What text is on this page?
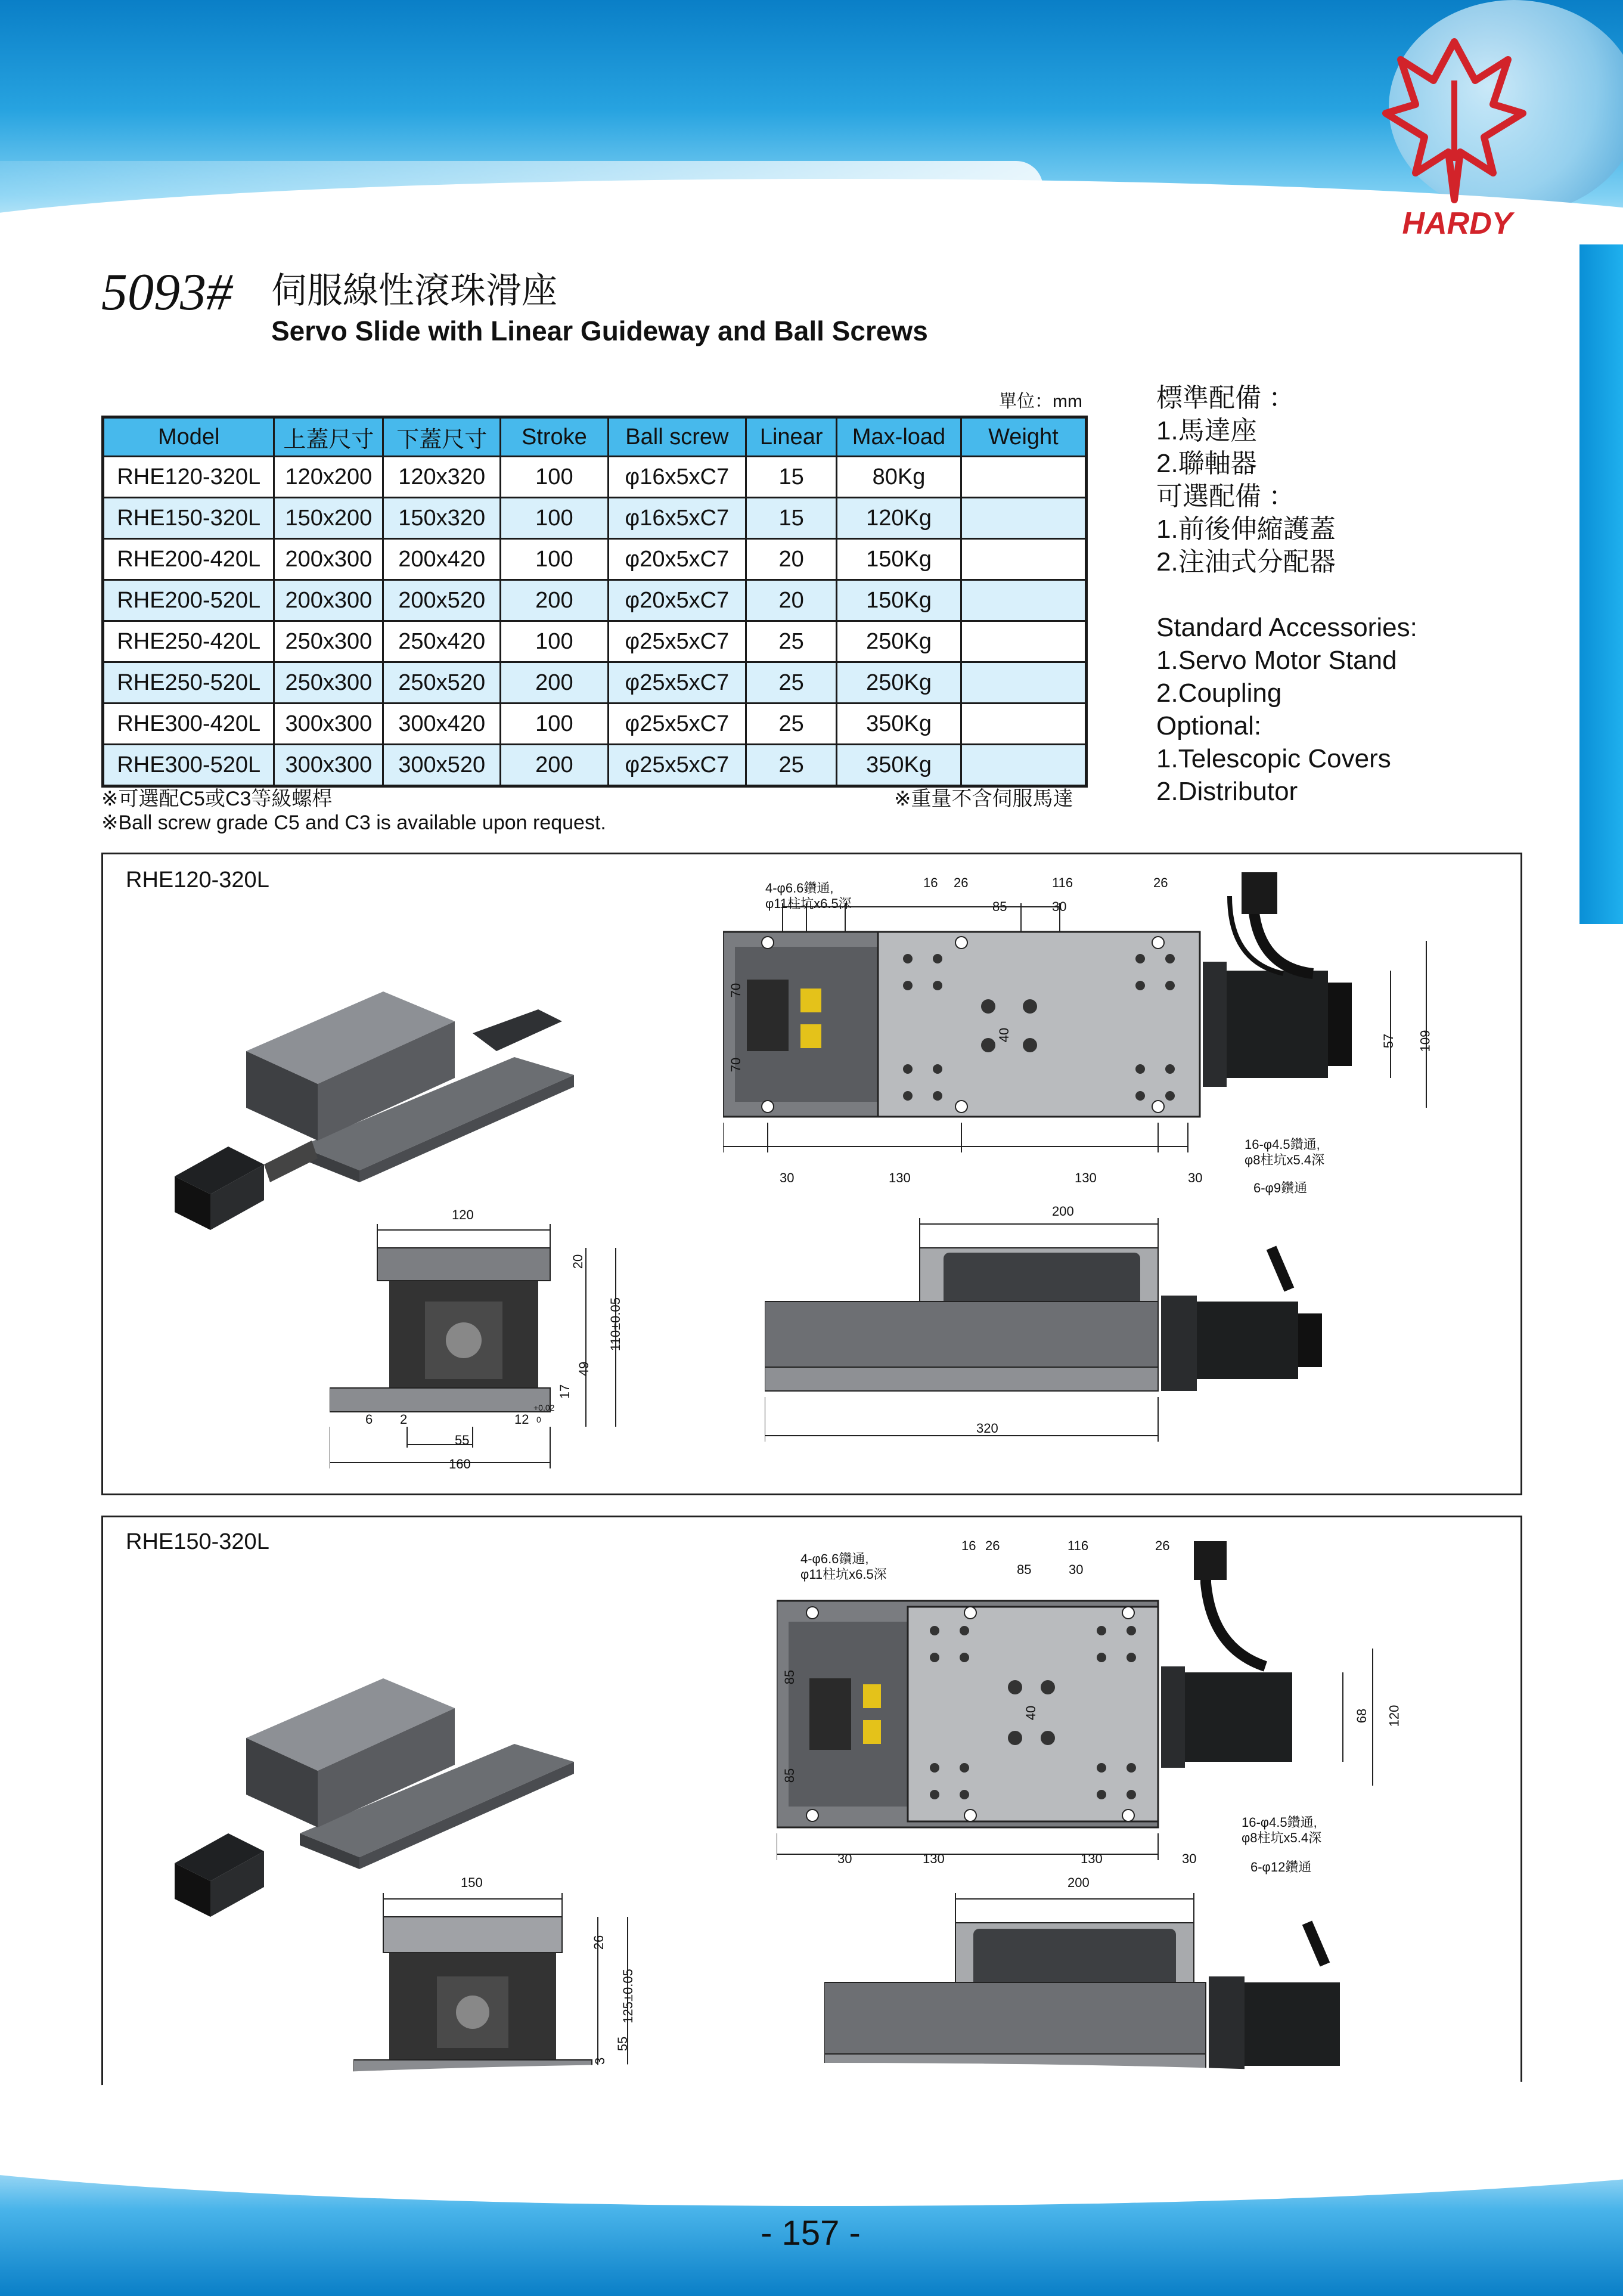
HARDY
5093# 伺服線性滾珠滑座
Servo Slide with Linear Guideway and Ball Screws
單位：mm
Model	上蓋尺寸	下蓋尺寸	Stroke	Ball screw	Linear	Max-load	Weight
RHE120-320L	120x200	120x320	100	φ16x5xC7	15	80Kg	
RHE150-320L	150x200	150x320	100	φ16x5xC7	15	120Kg	
RHE200-420L	200x300	200x420	100	φ20x5xC7	20	150Kg	
RHE200-520L	200x300	200x520	200	φ20x5xC7	20	150Kg	
RHE250-420L	250x300	250x420	100	φ25x5xC7	25	250Kg	
RHE250-520L	250x300	250x520	200	φ25x5xC7	25	250Kg	
RHE300-420L	300x300	300x420	100	φ25x5xC7	25	350Kg	
RHE300-520L	300x300	300x520	200	φ25x5xC7	25	350Kg	
※可選配C5或C3等級螺桿	※重量不含伺服馬達
※Ball screw grade C5 and C3 is available upon request.
標準配備 ：
1.馬達座
2.聯軸器
可選配備 ：
1.前後伸縮護蓋
2.注油式分配器
Standard Accessories:
1.Servo Motor Stand
2.Coupling
Optional:
1.Telescopic Covers
2.Distributor
RHE120-320L	4-φ6.6鑽通,
φ11柱坑x6.5深
16 26	116	26
85	30
70
70
40	57 109
30	130	130	30
16-φ4.5鑽通,
φ8柱坑x5.4深
6-φ9鑽通
120
20
110±0.05
49
17
6 2	12
+0.02
0
55
160
200
320
RHE150-320L
4-φ6.6鑽通,
φ11柱坑x6.5深
16 26	116	26
85	30
85
85
40	68 120
30	130	130	30
16-φ4.5鑽通,
φ8柱坑x5.4深
6-φ12鑽通
150
26
125±0.05
55
200
- 157 -
